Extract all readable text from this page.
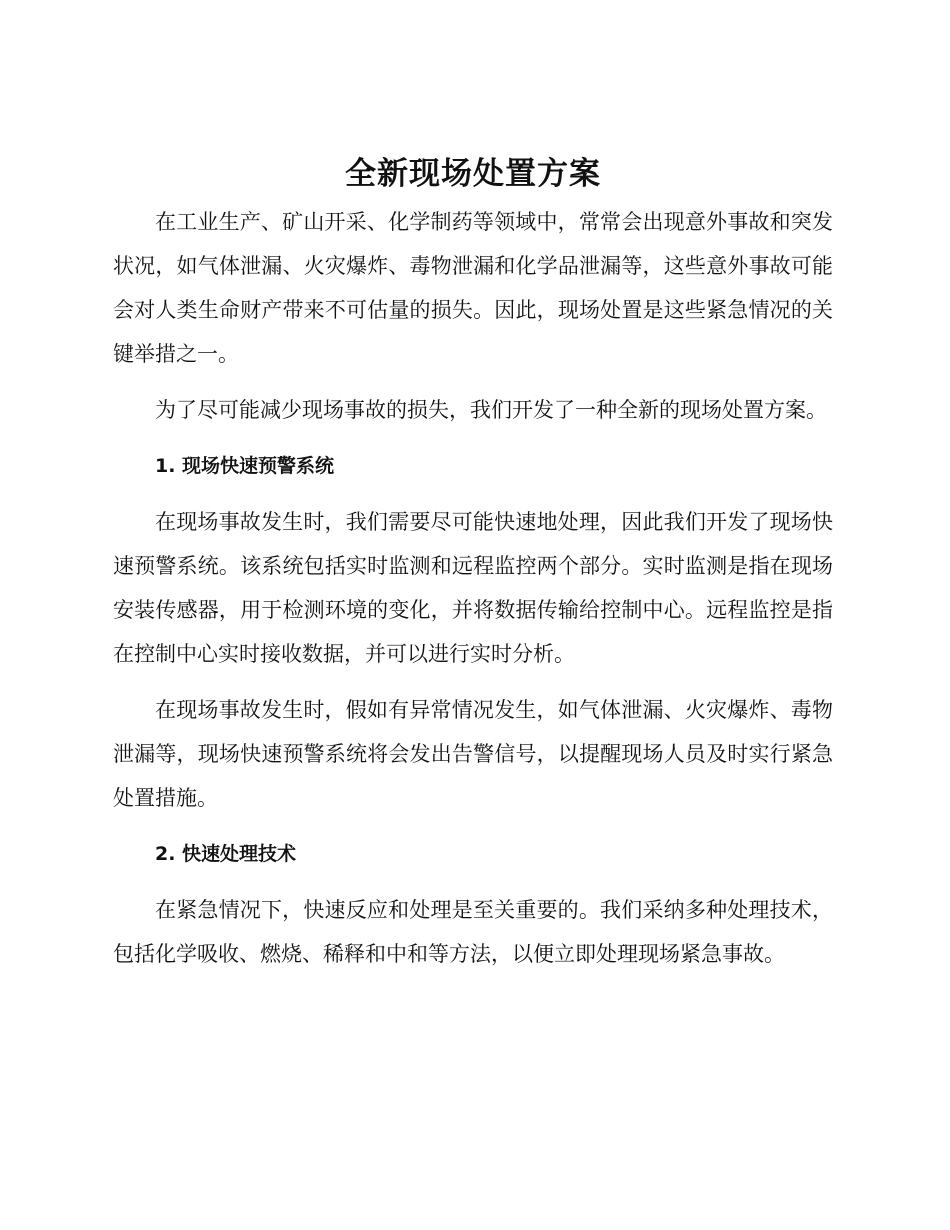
全新现场处置方案

在工业生产、矿山开采、化学制药等领域中，常常会出现意外事故和突发状况，如气体泄漏、火灾爆炸、毒物泄漏和化学品泄漏等，这些意外事故可能会对人类生命财产带来不可估量的损失。因此，现场处置是这些紧急情况的关键举措之一。

为了尽可能减少现场事故的损失，我们开发了一种全新的现场处置方案。

1. 现场快速预警系统

在现场事故发生时，我们需要尽可能快速地处理，因此我们开发了现场快速预警系统。该系统包括实时监测和远程监控两个部分。实时监测是指在现场安装传感器，用于检测环境的变化，并将数据传输给控制中心。远程监控是指在控制中心实时接收数据，并可以进行实时分析。

在现场事故发生时，假如有异常情况发生，如气体泄漏、火灾爆炸、毒物泄漏等，现场快速预警系统将会发出告警信号，以提醒现场人员及时实行紧急处置措施。

2. 快速处理技术

在紧急情况下，快速反应和处理是至关重要的。我们采纳多种处理技术，包括化学吸收、燃烧、稀释和中和等方法，以便立即处理现场紧急事故。
